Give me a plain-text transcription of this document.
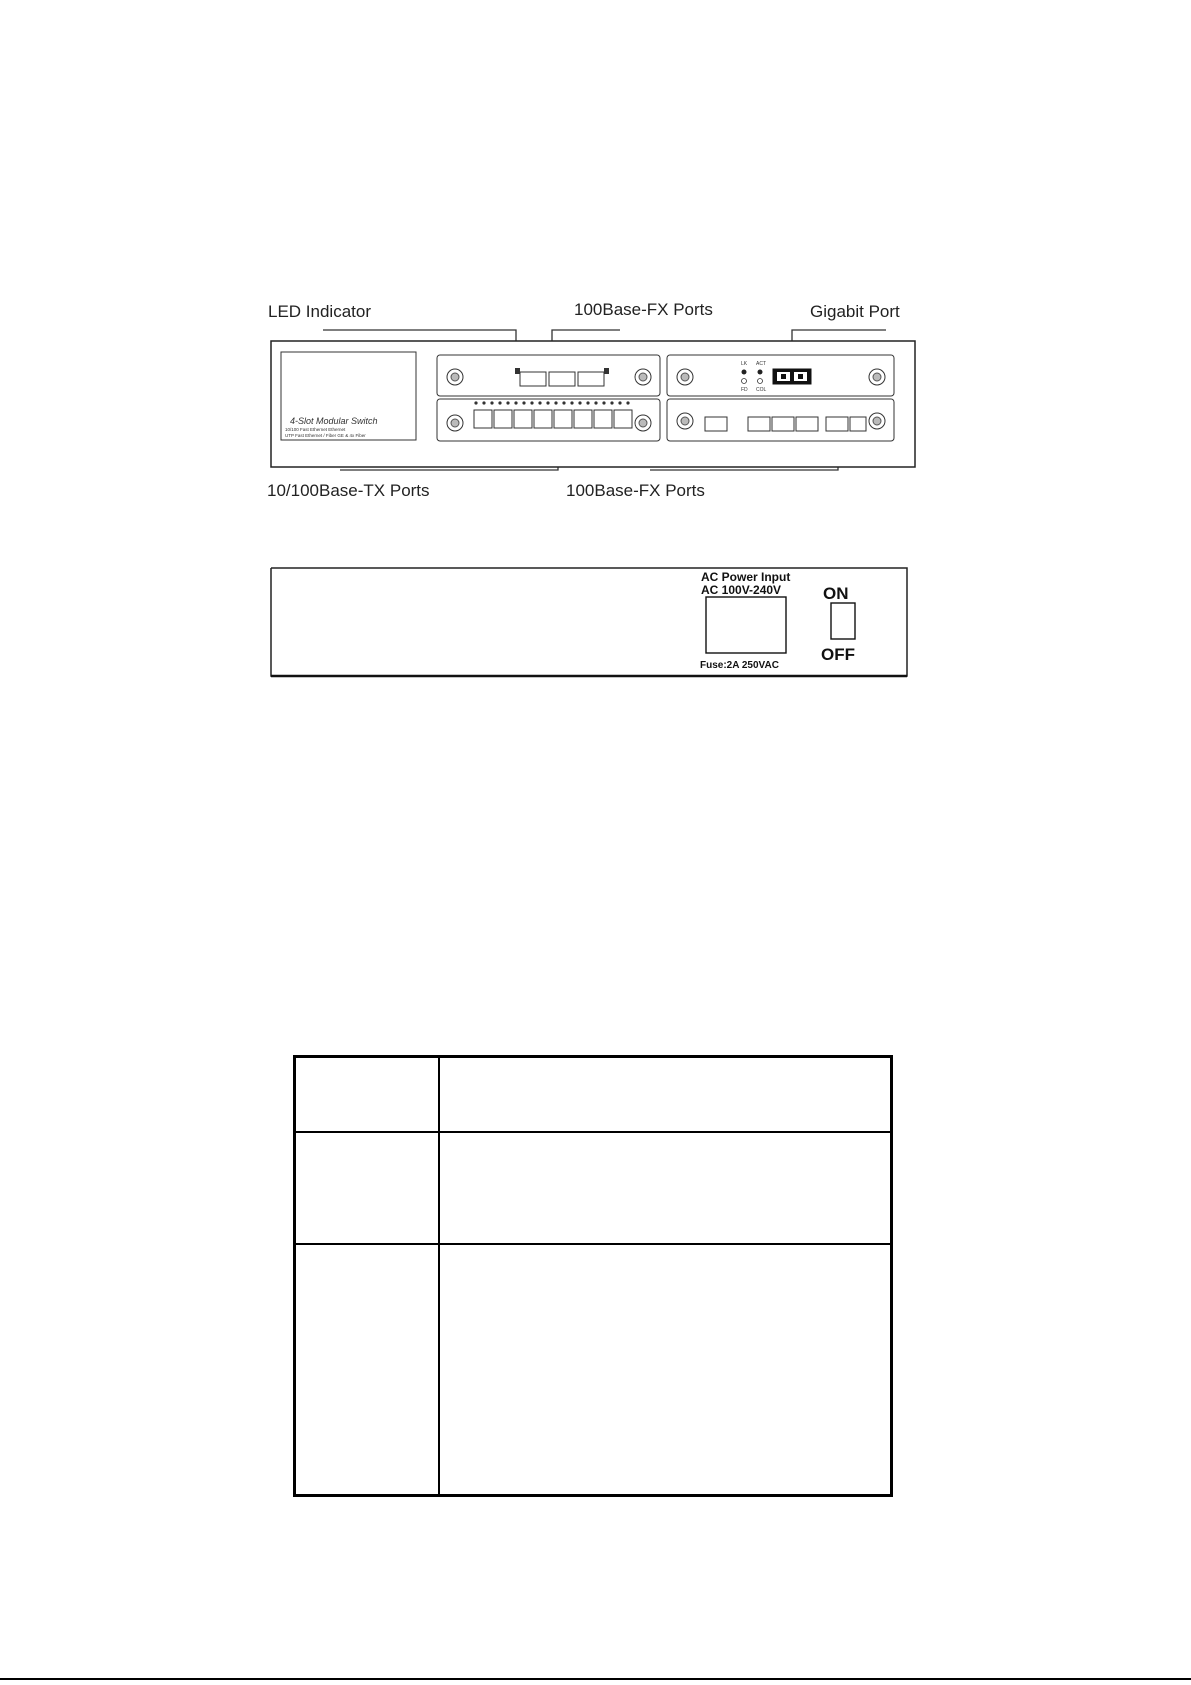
4-Slot Modular Switch
10/100 Fast Ethernet Ethernet
UTP Fast Ethernet / Fiber GE & 4x Fiber
LK ACT
FD COL
LED Indicator	100Base-FX Ports	Gigabit Port
10/100Base-TX Ports	100Base-FX Ports
AC Power Input
AC 100V-240V
Fuse:2A 250VAC
ON
OFF
